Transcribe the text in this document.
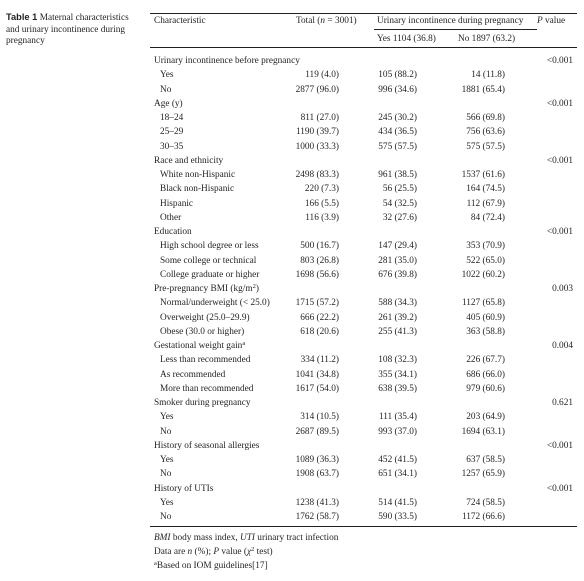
Table 1 Maternal characteristics and urinary incontinence during pregnancy
Characteristic	Total (n = 3001) Urinary incontinence during pregnancy P value
Yes 1104 (36.8) No 1897 (63.2)
Urinary incontinence before pregnancy	<0.001
Yes	119 (4.0)	105 (88.2)	14 (11.8)
No	2877 (96.0)	996 (34.6)	1881 (65.4)
Age (y)	<0.001
18–24	811 (27.0)	245 (30.2)	566 (69.8)
25–29	1190 (39.7)	434 (36.5)	756 (63.6)
30–35	1000 (33.3)	575 (57.5)	575 (57.5)
Race and ethnicity	<0.001
White non-Hispanic	2498 (83.3)	961 (38.5)	1537 (61.6)
Black non-Hispanic	220 (7.3)	56 (25.5)	164 (74.5)
Hispanic	166 (5.5)	54 (32.5)	112 (67.9)
Other	116 (3.9)	32 (27.6)	84 (72.4)
Education	<0.001
High school degree or less	500 (16.7)	147 (29.4)	353 (70.9)
Some college or technical	803 (26.8)	281 (35.0)	522 (65.0)
College graduate or higher	1698 (56.6)	676 (39.8)	1022 (60.2)
Pre-pregnancy BMI $(kg/m^2)$	0.003
Normal/underweight (< 25.0)	1715 (57.2)	588 (34.3)	1127 (65.8)
Overweight (25.0–29.9)	666 (22.2)	261 (39.2)	405 (60.9)
Obese (30.0 or higher)	618 (20.6)	255 (41.3)	363 (58.8)
Gestational weight gain$^a$	0.004
Less than recommended	334 (11.2)	108 (32.3)	226 (67.7)
As recommended	1041 (34.8)	355 (34.1)	686 (66.0)
More than recommended	1617 (54.0)	638 (39.5)	979 (60.6)
Smoker during pregnancy	0.621
Yes	314 (10.5)	111 (35.4)	203 (64.9)
No	2687 (89.5)	993 (37.0)	1694 (63.1)
History of seasonal allergies	<0.001
Yes	1089 (36.3)	452 (41.5)	637 (58.5)
No	1908 (63.7)	651 (34.1)	1257 (65.9)
History of UTIs	<0.001
Yes	1238 (41.3)	514 (41.5)	724 (58.5)
No	1762 (58.7)	590 (33.5)	1172 (66.6)
BMI body mass index, UTI urinary tract infection
Data are n (%); P value ($\chi^2$ test)
$^a$Based on IOM guidelines[17]
